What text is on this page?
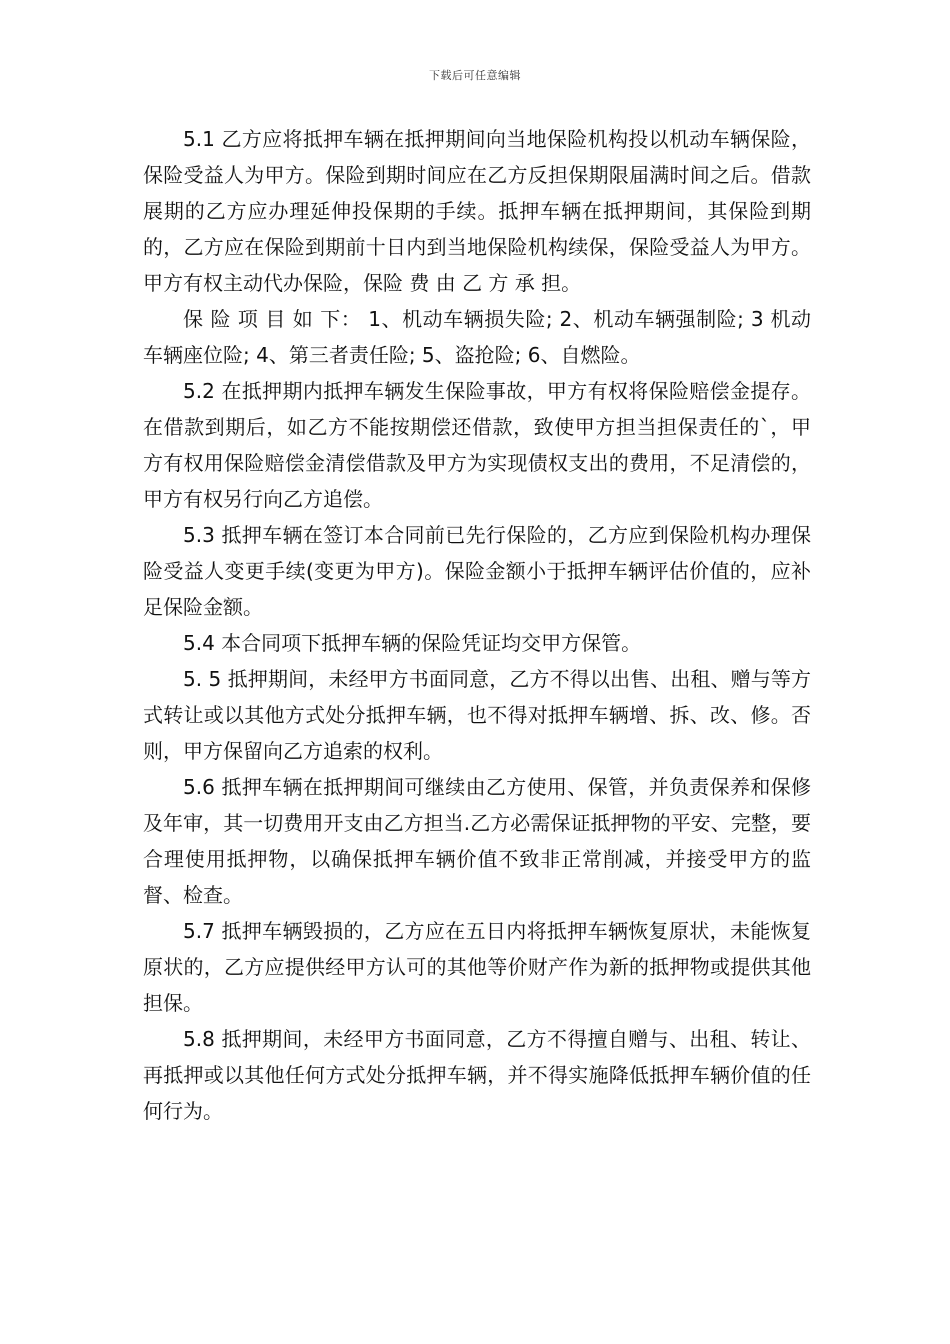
下载后可任意编辑

5.1 乙方应将抵押车辆在抵押期间向当地保险机构投以机动车辆保险，保险受益人为甲方。保险到期时间应在乙方反担保期限届满时间之后。借款展期的乙方应办理延伸投保期的手续。抵押车辆在抵押期间，其保险到期的，乙方应在保险到期前十日内到当地保险机构续保，保险受益人为甲方。甲方有权主动代办保险，保险 费 由 乙 方 承 担。

保 险 项 目 如 下： 1、机动车辆损失险; 2、机动车辆强制险; 3 机动车辆座位险; 4、第三者责任险; 5、盗抢险; 6、自燃险。

5.2 在抵押期内抵押车辆发生保险事故，甲方有权将保险赔偿金提存。在借款到期后，如乙方不能按期偿还借款，致使甲方担当担保责任的`，甲方有权用保险赔偿金清偿借款及甲方为实现债权支出的费用，不足清偿的，甲方有权另行向乙方追偿。

5.3 抵押车辆在签订本合同前已先行保险的，乙方应到保险机构办理保险受益人变更手续(变更为甲方)。保险金额小于抵押车辆评估价值的，应补足保险金额。

5.4 本合同项下抵押车辆的保险凭证均交甲方保管。

5. 5 抵押期间，未经甲方书面同意，乙方不得以出售、出租、赠与等方式转让或以其他方式处分抵押车辆，也不得对抵押车辆增、拆、改、修。否则，甲方保留向乙方追索的权利。

5.6 抵押车辆在抵押期间可继续由乙方使用、保管，并负责保养和保修及年审，其一切费用开支由乙方担当.乙方必需保证抵押物的平安、完整，要合理使用抵押物，以确保抵押车辆价值不致非正常削减，并接受甲方的监督、检查。

5.7 抵押车辆毁损的，乙方应在五日内将抵押车辆恢复原状，未能恢复原状的，乙方应提供经甲方认可的其他等价财产作为新的抵押物或提供其他担保。

5.8 抵押期间，未经甲方书面同意，乙方不得擅自赠与、出租、转让、再抵押或以其他任何方式处分抵押车辆，并不得实施降低抵押车辆价值的任何行为。
